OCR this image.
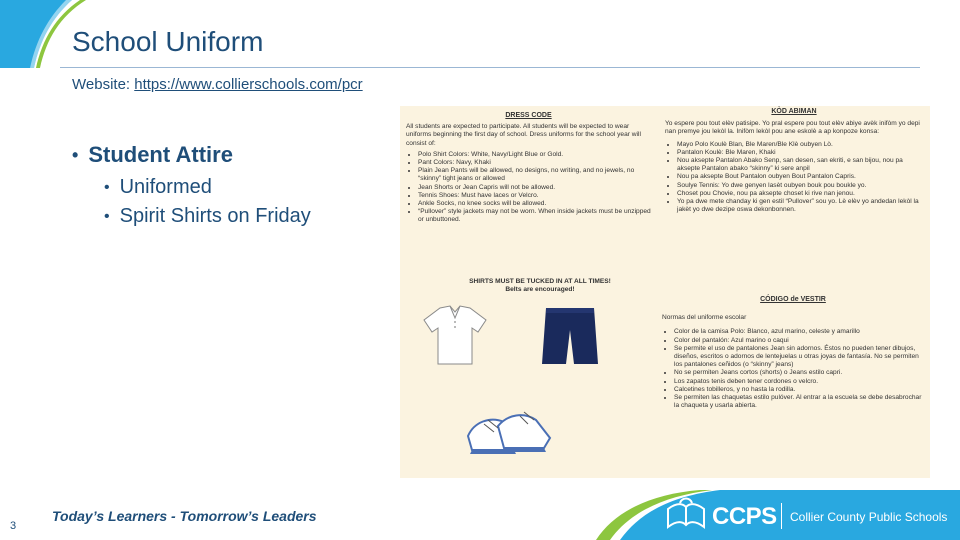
School Uniform
Website: https://www.collierschools.com/pcr
• Student Attire
• Uniformed
• Spirit Shirts on Friday
DRESS CODE
All students are expected to participate. All students will be expected to wear uniforms beginning the first day of school. Dress uniforms for the school year will consist of:
• Polo Shirt Colors: White, Navy/Light Blue or Gold.
• Pant Colors: Navy, Khaki
• Plain Jean Pants will be allowed, no designs, no writing, and no jewels, no “skinny” tight jeans or allowed
• Jean Shorts or Jean Capris will not be allowed.
• Tennis Shoes: Must have laces or Velcro.
• Ankle Socks, no knee socks will be allowed.
• “Pullover” style jackets may not be worn. When inside jackets must be unzipped or unbuttoned.
SHIRTS MUST BE TUCKED IN AT ALL TIMES!
Belts are encouraged!
KÒD ABIMAN
Yo espere pou tout elèv patisipe. Yo pral espere pou tout elèv abiye avèk inifòm yo depi nan premye jou lekòl la. Inifòm lekòl pou ane eskolè a ap konpoze konsa:
• Mayo Polo Koulè Blan, Ble Maren/Ble Klè oubyen Lò.
• Pantalon Koulè: Ble Maren, Khaki
• Nou aksepte Pantalon Abako Senp, san desen, san ekriti, e san bijou, nou pa aksepte Pantalon abako “skinny” ki sere anpil
• Nou pa aksepte Bout Pantalon oubyen Bout Pantalon Capris.
• Soulye Tennis: Yo dwe genyen lasèt oubyen bouk pou boukle yo.
• Choset pou Chovie, nou pa aksepte choset ki rive nan jenou.
• Yo pa dwe mete chanday ki gen estil “Pullover” sou yo. Lè elèv yo andedan lekòl la jakèt yo dwe dezipe oswa dekonbonnen.
CÓDIGO de VESTIR
Normas del uniforme escolar
• Color de la camisa Polo: Blanco, azul marino, celeste y amarillo
• Color del pantalón: Azul marino o caqui
• Se permite el uso de pantalones Jean sin adornos. Éstos no pueden tener dibujos, diseños, escritos o adornos de lentejuelas u otras joyas de fantasía. No se permiten los pantalones ceñidos (o “skinny” jeans)
• No se permiten Jeans cortos (shorts) o Jeans estilo capri.
• Los zapatos tenis deben tener cordones o velcro.
• Calcetines tobilleros, y no hasta la rodilla.
• Se permiten las chaquetas estilo pulóver. Al entrar a la escuela se debe desabrochar la chaqueta y usarla abierta.
3
Today’s Learners - Tomorrow’s Leaders	CCPS Collier County Public Schools
